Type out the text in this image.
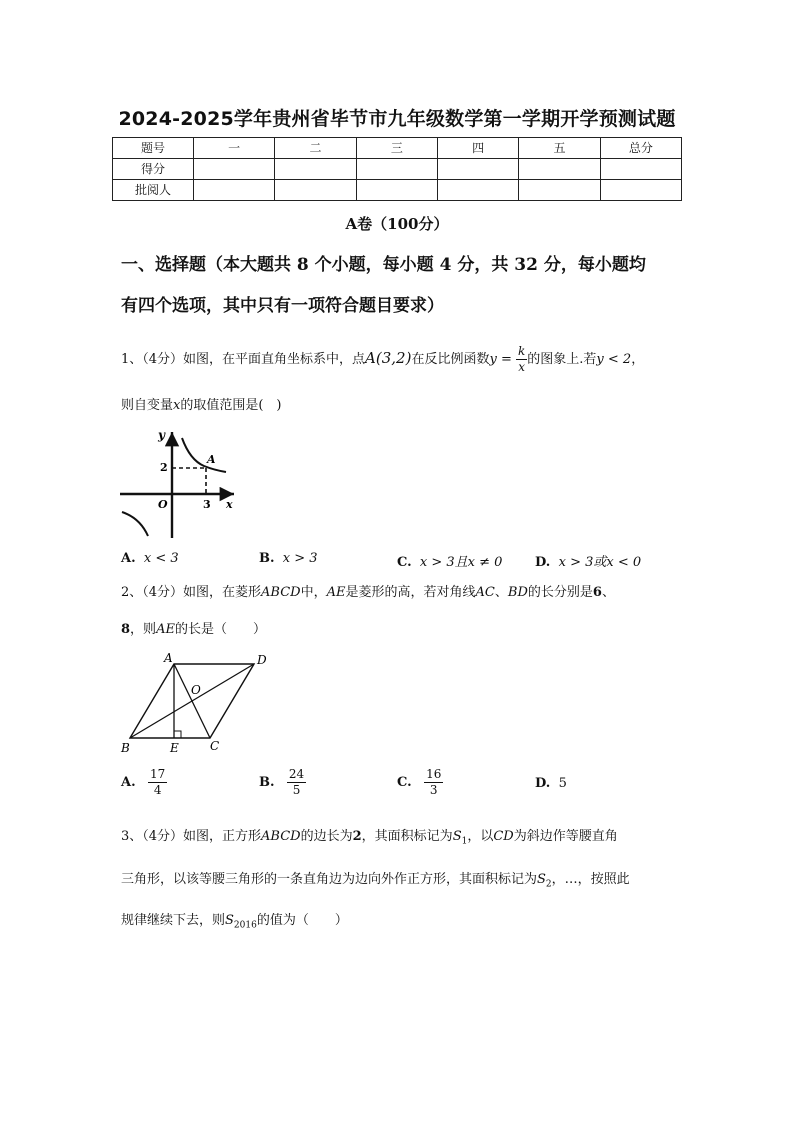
2024-2025学年贵州省毕节市九年级数学第一学期开学预测试题
题号	一	二	三	四	五	总分
得分						
批阅人						
A卷（100分）
一、选择题（本大题共 8 个小题，每小题 4 分，共 32 分，每小题均
有四个选项，其中只有一项符合题目要求）
1、（4分）如图，在平面直角坐标系中，点A(3,2)在反比例函数$y = \frac{k}{x}$ 的图象上.若y < 2，
则自变量x的取值范围是(　)
y
2
A
O	3 x
A. x < 3	B. x > 3	C. x > 3且x ≠ 0	D. x > 3或x < 0
2、（4分）如图，在菱形ABCD中，AE是菱形的高，若对角线AC、BD的长分别是6、
8，则AE的长是（　　）
A	D
O
B	E	C
A. $\frac{17}{4}$	B. $\frac{24}{5}$	C. $\frac{16}{3}$	D. 5
3、（4分）如图，正方形ABCD的边长为2，其面积标记为$S_1$，以CD为斜边作等腰直角
三角形，以该等腰三角形的一条直角边为边向外作正方形，其面积标记为$S_2$，…，按照此
规律继续下去，则$S_{2016}$的值为（　　）
